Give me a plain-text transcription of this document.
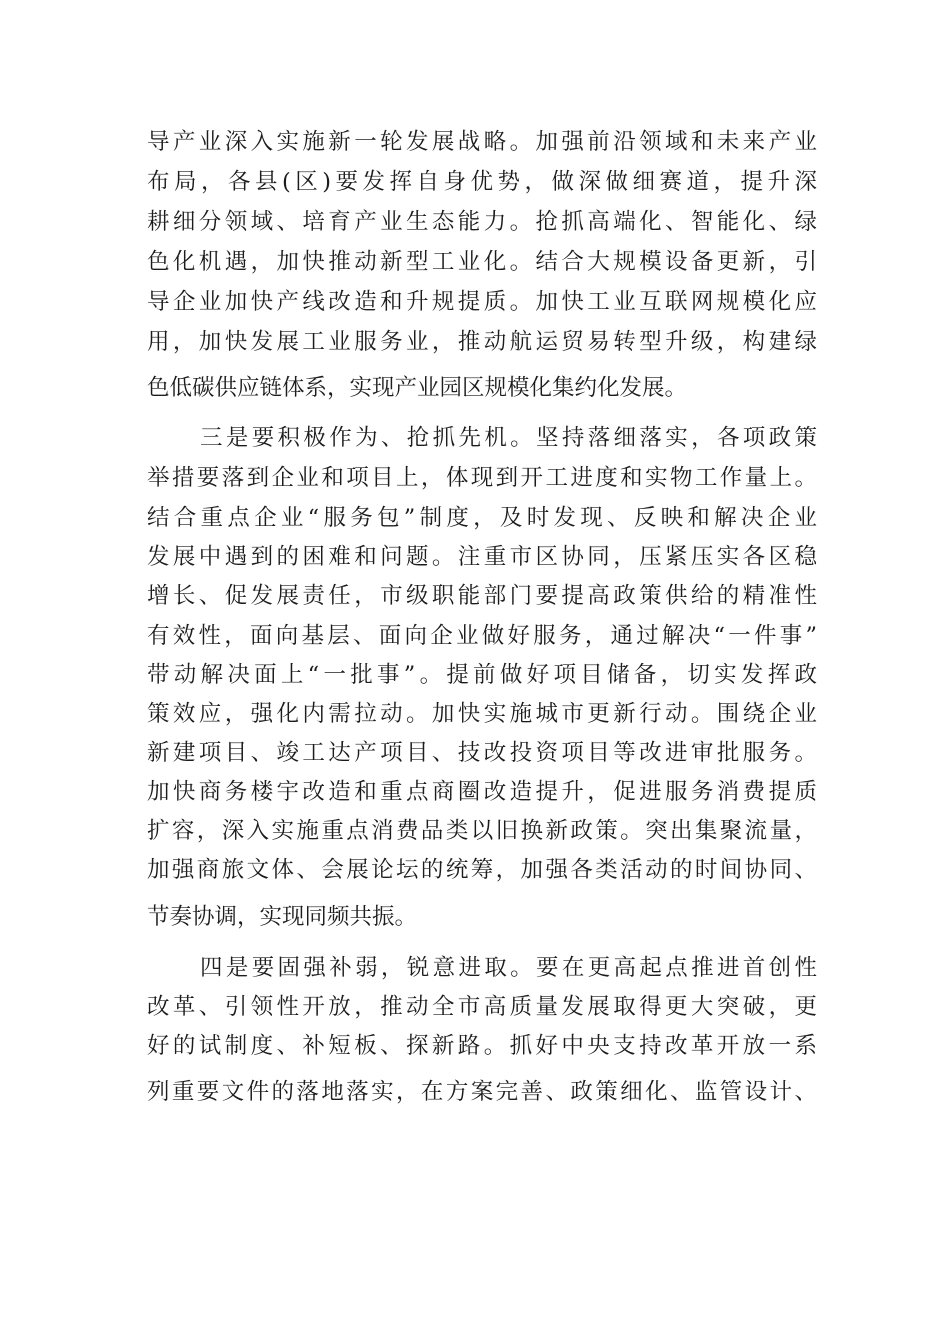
导产业深入实施新一轮发展战略。加强前沿领域和未来产业

布局，各县(区)要发挥自身优势，做深做细赛道，提升深

耕细分领域、培育产业生态能力。抢抓高端化、智能化、绿

色化机遇，加快推动新型工业化。结合大规模设备更新，引

导企业加快产线改造和升规提质。加快工业互联网规模化应

用，加快发展工业服务业，推动航运贸易转型升级，构建绿

色低碳供应链体系，实现产业园区规模化集约化发展。

三是要积极作为、抢抓先机。坚持落细落实，各项政策

举措要落到企业和项目上，体现到开工进度和实物工作量上。

结合重点企业“服务包”制度，及时发现、反映和解决企业

发展中遇到的困难和问题。注重市区协同，压紧压实各区稳

增长、促发展责任，市级职能部门要提高政策供给的精准性

有效性，面向基层、面向企业做好服务，通过解决“一件事”

带动解决面上“一批事”。提前做好项目储备，切实发挥政

策效应，强化内需拉动。加快实施城市更新行动。围绕企业

新建项目、竣工达产项目、技改投资项目等改进审批服务。

加快商务楼宇改造和重点商圈改造提升，促进服务消费提质

扩容，深入实施重点消费品类以旧换新政策。突出集聚流量，

加强商旅文体、会展论坛的统筹，加强各类活动的时间协同、

节奏协调，实现同频共振。

四是要固强补弱，锐意进取。要在更高起点推进首创性

改革、引领性开放，推动全市高质量发展取得更大突破，更

好的试制度、补短板、探新路。抓好中央支持改革开放一系

列重要文件的落地落实，在方案完善、政策细化、监管设计、
